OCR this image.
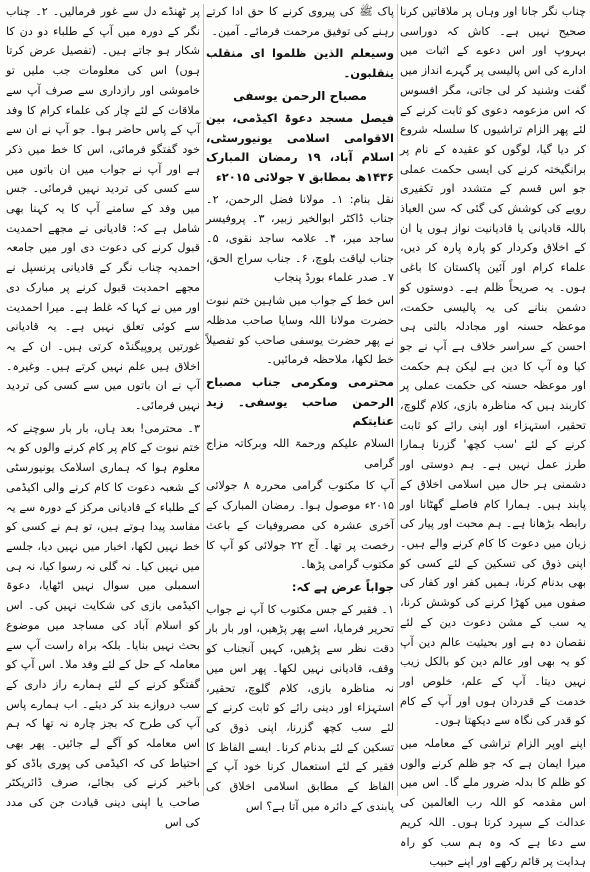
چناب نگر جانا اور وہاں پر ملاقاتیں کرنا صحیح نہیں ہے۔ کاش کہ دوراسی بہروپ اور اس دعوے کے اثبات میں ادارے کی اس پالیسی پر گہرے انداز میں گفت وشنید کر لی جاتی، مگر افسوس کہ اس مزعومہ دعوی کو ثابت کرنے کے لئے پھر الزام تراشیوں کا سلسلہ شروع کر دیا گیا، لوگوں کو عقیدہ کے نام پر برانگیختہ کرنے کی ایسی حکمت عملی جو اس قسم کے متشدد اور تکفیری رویے کی کوشش کی گئی کہ سن العیاذ باللہ قادیانی یا قادیانیت نواز ہوں یا ان کے اخلاق وکردار کو پارہ پارہ کر دیں، علماء کرام اور آئین پاکستان کا باغی ہوں۔ یہ صریحاً ظلم ہے۔ دوستوں کو دشمن بنانے کی یہ پالیسی حکمت، موعظہ حسنہ اور مجادلہ بالتی ہی احسن کے سراسر خلاف ہے آپ نے جو کیا وہ آپ کا دین ہے لیکن ہم حکمت اور موعظہ حسنہ کی حکمت عملی پر کاربند ہیں کہ مناظرہ بازی، کلام گلوچ، تحقیر، استہزاء اور اپنی رائے کو ثابت کرنے کے لئے 'سب کچھ' گزرنا ہمارا طرز عمل نہیں ہے۔ ہم دوستی اور دشمنی ہر حال میں اسلامی اخلاق کے پابند ہیں۔ ہمارا کام فاصلے گھٹانا اور رابطہ بڑھانا ہے۔ ہم محبت اور پیار کی زبان میں دعوت کا کام کرنے والے ہیں۔ اپنی ذوق کی تسکین کے لئے کسی کو بھی بدنام کرنا، ہمیں کفر اور کفار کی صفوں میں کھڑا کرنے کی کوشش کرنا، یہ سب کے مشن دعوت دین کے لئے نقصان دہ ہے اور بحیثیت عالم دین آپ کو یہ بھی اور عالم دین کو بالکل زیب نہیں دیتا۔ آپ کے علم، خلوص اور خدمت کے قدردان ہوں اور آپ کے کام کو قدر کی نگاہ سے دیکھتا ہوں۔

اپنے اوپر الزام تراشی کے معاملہ میں میرا ایمان ہے کہ جو ظلم کرنے والوں کو ظلم کا بدلہ ضرور ملے گا۔ اس میں اس مقدمہ کو اللہ رب العالمین کی عدالت کے سپرد کرتا ہوں۔ اللہ کریم سے دعا ہے کہ وہ ہم سب کو راہ ہدایت پر قائم رکھے اور اپنے حبیب

پاک ﷺ کی پیروی کرنے کا حق ادا کرتے رہنے کی توفیق مرحمت فرمائے۔ آمین۔

وسیعلم الذین ظلموا ای منقلب ینقلبون۔

مصباح الرحمن یوسفی

فیصل مسجد دعوۃ اکیڈمی، بین الاقوامی اسلامی یونیورسٹی، اسلام آباد، ۱۹ رمضان المبارک ۱۴۳۶ھ بمطابق ۷ جولائی ۲۰۱۵ء

نقل بنام: ۱۔ مولانا فضل الرحمن، ۲۔ جناب ڈاکٹر ابوالخیر زبیر، ۳۔ پروفیسر ساجد میر، ۴۔ علامہ ساجد نقوی، ۵۔ جناب لیاقت بلوچ، ۶۔ جناب سراج الحق، ۷۔ صدر علماء بورڈ پنجاب

اس خط کے جواب میں شاہین ختم نبوت حضرت مولانا اللہ وسایا صاحب مدظلہ نے پھر حضرت یوسفی صاحب کو تفصیلاً خط لکھا، ملاحظہ فرمائیں۔

محترمی ومکرمی جناب مصباح الرحمن صاحب یوسفی۔ زید عنایتکم

السلام علیکم ورحمۃ اللہ وبرکاتہ مزاج گرامی

آپ کا مکتوب گرامی محررہ ۸ جولائی ۲۰۱۵ء موصول ہوا۔ رمضان المبارک کے آخری عشرہ کی مصروفیات کے باعث رخصت پر تھا۔ آج ۲۲ جولائی کو آپ کا مکتوب گرامی پڑھا۔

جواباً عرض ہے کہ:

۱۔ فقیر کے جس مکتوب کا آپ نے جواب تحریر فرمایا، اسے پھر پڑھیں، اور بار بار دقت نظر سے پڑھیں، کہیں آنجناب کو وقف، قادیانی نہیں لکھا۔ پھر اس میں نہ مناظرہ بازی، کلام گلوچ، تحقیر، استہزاء اور دینی رائے کو ثابت کرنے کے لئے سب کچھ گزرنا، اپنی ذوق کی تسکین کے لئے بدنام کرنا۔ ایسے الفاظ کا فقیر کے لئے استعمال کرنا خود آپ کے الفاظ کے مطابق اسلامی اخلاق کی پابندی کے دائرہ میں آتا ہے؟ اس

پر ٹھنڈے دل سے غور فرمالیں۔ ۲۔ چناب نگر کے دورہ میں آپ کے طلباء دو دن کا شکار ہو جاتے ہیں۔ (تفصیل عرض کرتا ہوں) اس کی معلومات جب ملیں تو خاموشی اور رازداری سے صرف آپ سے ملاقات کے لئے چار کی علماء کرام کا وفد آپ کے پاس حاضر ہوا۔ جو آپ نے ان سے خود گفتگو فرمائی، اس کا خط میں ذکر ہے اور آپ نے جواب میں ان باتوں میں سے کسی کی تردید نہیں فرمائی۔ جس میں وفد کے سامنے آپ کا یہ کہنا بھی شامل ہے کہ: قادیانی نے مجھے احمدیت قبول کرنے کی دعوت دی اور میں جامعہ احمدیہ چناب نگر کے قادیانی پرنسپل نے مجھے احمدیت قبول کرنے پر مبارک دی اور میں نے کہا کہ غلط ہے۔ میرا احمدیت سے کوئی تعلق نہیں ہے۔ یہ قادیانی غورتیں پروپیگنڈہ کرتی ہیں۔ ان کے یہ اخلاق ہیں علم نہیں کرتے ہیں۔ وغیرہ۔ آپ نے ان باتوں میں سے کسی کی تردید نہیں فرمائی۔

۳۔ محترمی! بعد ہاں، بار بار سوچنے کہ ختم نبوت کے کام پر کام کرنے والوں کو یہ معلوم ہوا کہ ہماری اسلامک یونیورسٹی کے شعبہ دعوت کا کام کرنے والی اکیڈمی کے طلباء کے قادیانی مرکز کے دورہ سے یہ مفاسد پیدا ہوتے ہیں، تو ہم نے کسی کو خط نہیں لکھا، اخبار میں نہیں دیا، جلسے میں نہیں کیا۔ نہ گلی نہ رسوا کیا، نہ ہی اسمبلی میں سوال نہیں اٹھایا، دعوۃ اکیڈمی بازی کی شکایت نہیں کی۔ اس کو اسلام آباد کی مساجد میں موضوع بحث نہیں بنایا۔ بلکہ براہ راست آپ سے معاملہ کے حل کے لئے وفد ملا۔ اس آپ کو گفتگو کرنے کے لئے ہمارے راز داری کے سب دروازے بند کر دیئے۔ اب ہمارے پاس آپ کی طرح کہ بجز چارہ نہ تھا کہ ہم اس معاملہ کو آگے لے جائیں۔ پھر بھی احتیاط کی کہ اکیڈمی کی پوری باڈی کو باخبر کرنے کی بجائے، صرف ڈائریکٹر صاحب یا اپنی دینی قیادت جن کی مدد کی اس
